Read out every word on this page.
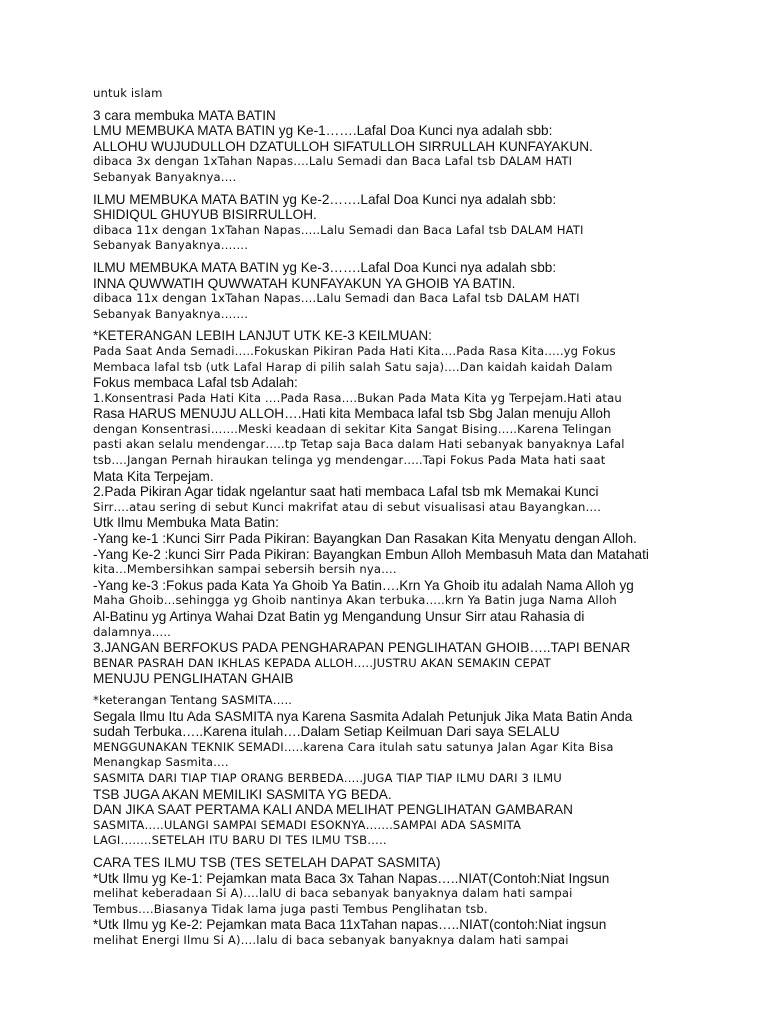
untuk islam
3 cara membuka MATA BATIN
LMU MEMBUKA MATA BATIN yg Ke-1…….Lafal Doa Kunci nya adalah sbb:
ALLOHU WUJUDULLOH DZATULLOH SIFATULLOH SIRRULLAH KUNFAYAKUN.
dibaca 3x dengan 1xTahan Napas….Lalu Semadi dan Baca Lafal tsb DALAM HATI
Sebanyak Banyaknya….
ILMU MEMBUKA MATA BATIN yg Ke-2…….Lafal Doa Kunci nya adalah sbb:
SHIDIQUL GHUYUB BISIRRULLOH.
dibaca 11x dengan 1xTahan Napas…..Lalu Semadi dan Baca Lafal tsb DALAM HATI
Sebanyak Banyaknya…….
ILMU MEMBUKA MATA BATIN yg Ke-3…….Lafal Doa Kunci nya adalah sbb:
INNA QUWWATIH QUWWATAH KUNFAYAKUN YA GHOIB YA BATIN.
dibaca 11x dengan 1xTahan Napas….Lalu Semadi dan Baca Lafal tsb DALAM HATI
Sebanyak Banyaknya…….
*KETERANGAN LEBIH LANJUT UTK KE-3 KEILMUAN:
Pada Saat Anda Semadi…..Fokuskan Pikiran Pada Hati Kita….Pada Rasa Kita…..yg Fokus
Membaca lafal tsb (utk Lafal Harap di pilih salah Satu saja)….Dan kaidah kaidah Dalam
Fokus membaca Lafal tsb Adalah:
1.Konsentrasi Pada Hati Kita ….Pada Rasa….Bukan Pada Mata Kita yg Terpejam.Hati atau
Rasa HARUS MENUJU ALLOH….Hati kita Membaca lafal tsb Sbg Jalan menuju Alloh
dengan Konsentrasi…….Meski keadaan di sekitar Kita Sangat Bising…..Karena Telingan
pasti akan selalu mendengar…..tp Tetap saja Baca dalam Hati sebanyak banyaknya Lafal
tsb….Jangan Pernah hiraukan telinga yg mendengar…..Tapi Fokus Pada Mata hati saat
Mata Kita Terpejam.
2.Pada Pikiran Agar tidak ngelantur saat hati membaca Lafal tsb mk Memakai Kunci
Sirr….atau sering di sebut Kunci makrifat atau di sebut visualisasi atau Bayangkan….
Utk Ilmu Membuka Mata Batin:
-Yang ke-1 :Kunci Sirr Pada Pikiran: Bayangkan Dan Rasakan Kita Menyatu dengan Alloh.
-Yang Ke-2 :kunci Sirr Pada Pikiran: Bayangkan Embun Alloh Membasuh Mata dan Matahati
kita…Membersihkan sampai sebersih bersih nya….
-Yang ke-3 :Fokus pada Kata Ya Ghoib Ya Batin….Krn Ya Ghoib itu adalah Nama Alloh yg
Maha Ghoib…sehingga yg Ghoib nantinya Akan terbuka…..krn Ya Batin juga Nama Alloh
Al-Batinu yg Artinya Wahai Dzat Batin yg Mengandung Unsur Sirr atau Rahasia di
dalamnya…..
3.JANGAN BERFOKUS PADA PENGHARAPAN PENGLIHATAN GHOIB…..TAPI BENAR
BENAR PASRAH DAN IKHLAS KEPADA ALLOH…..JUSTRU AKAN SEMAKIN CEPAT
MENUJU PENGLIHATAN GHAIB
*keterangan Tentang SASMITA…..
Segala Ilmu Itu Ada SASMITA nya Karena Sasmita Adalah Petunjuk Jika Mata Batin Anda
sudah Terbuka…..Karena itulah….Dalam Setiap Keilmuan Dari saya SELALU
MENGGUNAKAN TEKNIK SEMADI…..karena Cara itulah satu satunya Jalan Agar Kita Bisa
Menangkap Sasmita….
SASMITA DARI TIAP TIAP ORANG BERBEDA…..JUGA TIAP TIAP ILMU DARI 3 ILMU
TSB JUGA AKAN MEMILIKI SASMITA YG BEDA.
DAN JIKA SAAT PERTAMA KALI ANDA MELIHAT PENGLIHATAN GAMBARAN
SASMITA…..ULANGI SAMPAI SEMADI ESOKNYA…….SAMPAI ADA SASMITA
LAGI……..SETELAH ITU BARU DI TES ILMU TSB…..
CARA TES ILMU TSB (TES SETELAH DAPAT SASMITA)
*Utk Ilmu yg Ke-1: Pejamkan mata Baca 3x Tahan Napas…..NIAT(Contoh:Niat Ingsun
melihat keberadaan Si A)….lalU di baca sebanyak banyaknya dalam hati sampai
Tembus….Biasanya Tidak lama juga pasti Tembus Penglihatan tsb.
*Utk Ilmu yg Ke-2: Pejamkan mata Baca 11xTahan napas…..NIAT(contoh:Niat ingsun
melihat Energi Ilmu Si A)….lalu di baca sebanyak banyaknya dalam hati sampai
